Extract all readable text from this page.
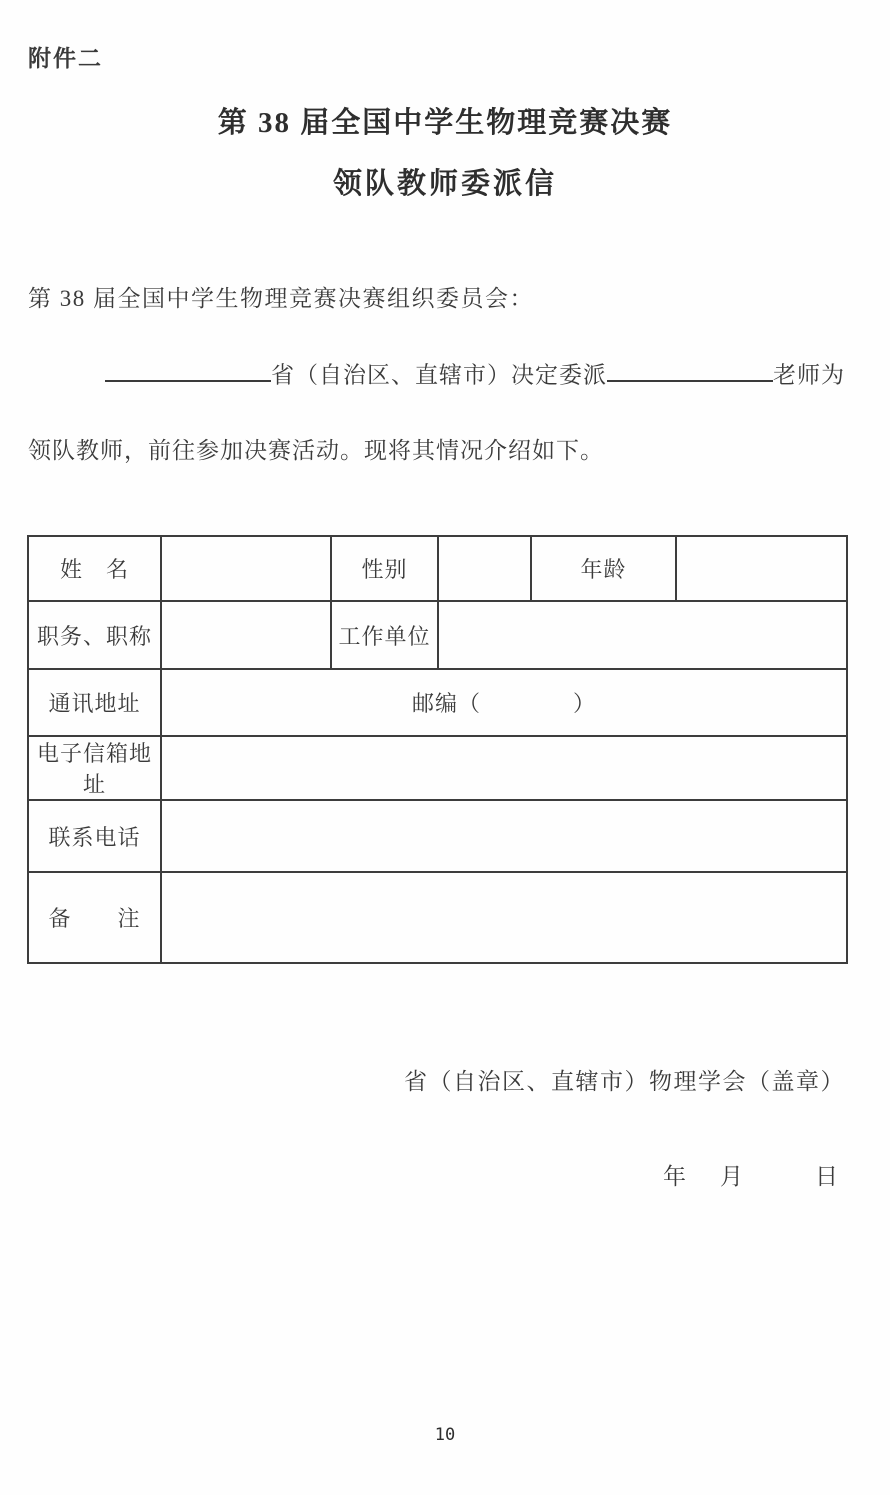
附件二
第 38 届全国中学生物理竞赛决赛
领队教师委派信
第 38 届全国中学生物理竞赛决赛组织委员会：
省（自治区、直辖市）决定委派	老师为
领队教师，前往参加决赛活动。现将其情况介绍如下。
姓　名		性别		年龄	
职务、职称		工作单位			
通讯地址	邮编（　　　　）				
电子信箱地址					
联系电话					
备　　注					
省（自治区、直辖市）物理学会（盖章）
年 月	日
10
